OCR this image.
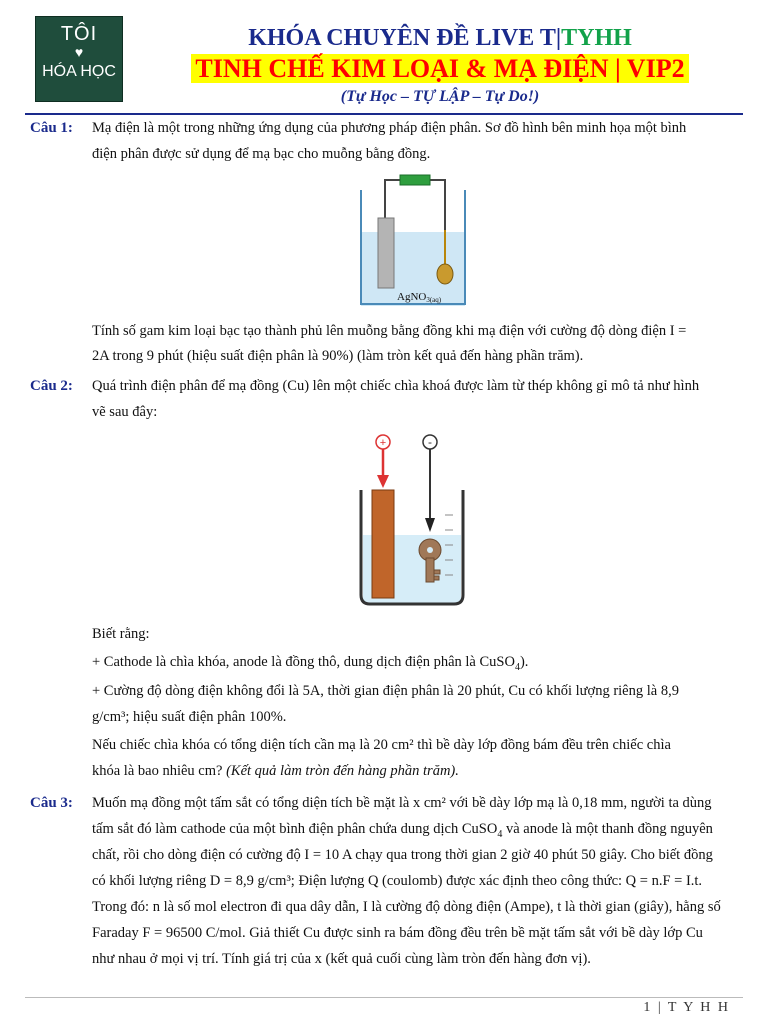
TÔI
♥
HÓA HỌC
KHÓA CHUYÊN ĐỀ LIVE T|TYHH
TINH CHẾ KIM LOẠI & MẠ ĐIỆN | VIP2
(Tự Học – TỰ LẬP – Tự Do!)
Câu 1: Mạ điện là một trong những ứng dụng của phương pháp điện phân. Sơ đồ hình bên minh họa một bình
điện phân được sử dụng để mạ bạc cho muỗng bằng đồng.
AgNO3(aq)
Tính số gam kim loại bạc tạo thành phủ lên muỗng bằng đồng khi mạ điện với cường độ dòng điện I =
2A trong 9 phút (hiệu suất điện phân là 90%) (làm tròn kết quả đến hàng phần trăm).
Câu 2: Quá trình điện phân để mạ đồng (Cu) lên một chiếc chìa khoá được làm từ thép không gỉ mô tả như hình
vẽ sau đây:
+	-
Biết rằng:
+ Cathode là chìa khóa, anode là đồng thô, dung dịch điện phân là CuSO$_4$).
+ Cường độ dòng điện không đổi là 5A, thời gian điện phân là 20 phút, Cu có khối lượng riêng là 8,9
g/cm³; hiệu suất điện phân 100%.
Nếu chiếc chìa khóa có tổng diện tích cần mạ là 20 cm² thì bề dày lớp đồng bám đều trên chiếc chìa
khóa là bao nhiêu cm? (Kết quả làm tròn đến hàng phần trăm).
Câu 3: Muốn mạ đồng một tấm sắt có tổng diện tích bề mặt là x cm² với bề dày lớp mạ là 0,18 mm, người ta dùng
tấm sắt đó làm cathode của một bình điện phân chứa dung dịch CuSO$_4$ và anode là một thanh đồng nguyên
chất, rồi cho dòng điện có cường độ I = 10 A chạy qua trong thời gian 2 giờ 40 phút 50 giây. Cho biết đồng
có khối lượng riêng D = 8,9 g/cm³; Điện lượng Q (coulomb) được xác định theo công thức: Q = n.F = I.t.
Trong đó: n là số mol electron đi qua dây dẫn, I là cường độ dòng điện (Ampe), t là thời gian (giây), hằng số
Faraday F = 96500 C/mol. Giả thiết Cu được sinh ra bám đồng đều trên bề mặt tấm sắt với bề dày lớp Cu
như nhau ở mọi vị trí. Tính giá trị của x (kết quả cuối cùng làm tròn đến hàng đơn vị).
1 | T Y H H
